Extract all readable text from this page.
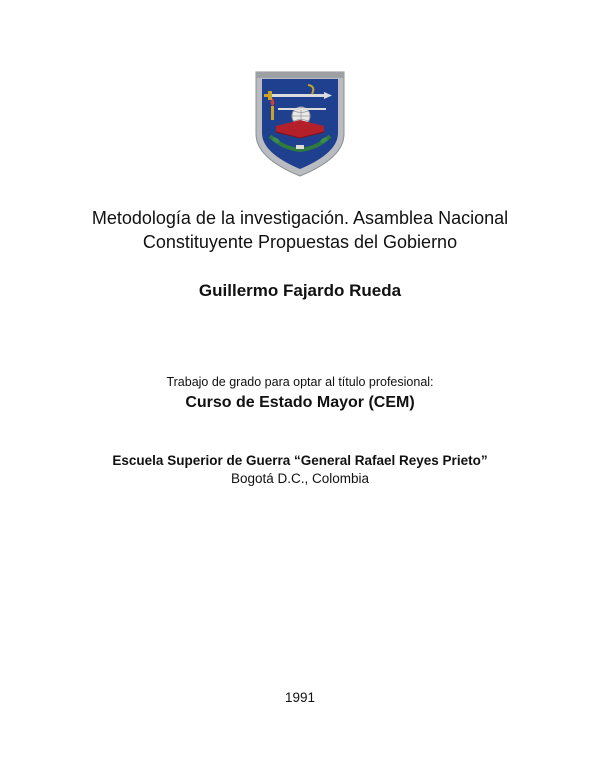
Metodología de la investigación. Asamblea Nacional
Constituyente Propuestas del Gobierno
Guillermo Fajardo Rueda
Trabajo de grado para optar al título profesional:
Curso de Estado Mayor (CEM)
Escuela Superior de Guerra “General Rafael Reyes Prieto”
Bogotá D.C., Colombia
1991
